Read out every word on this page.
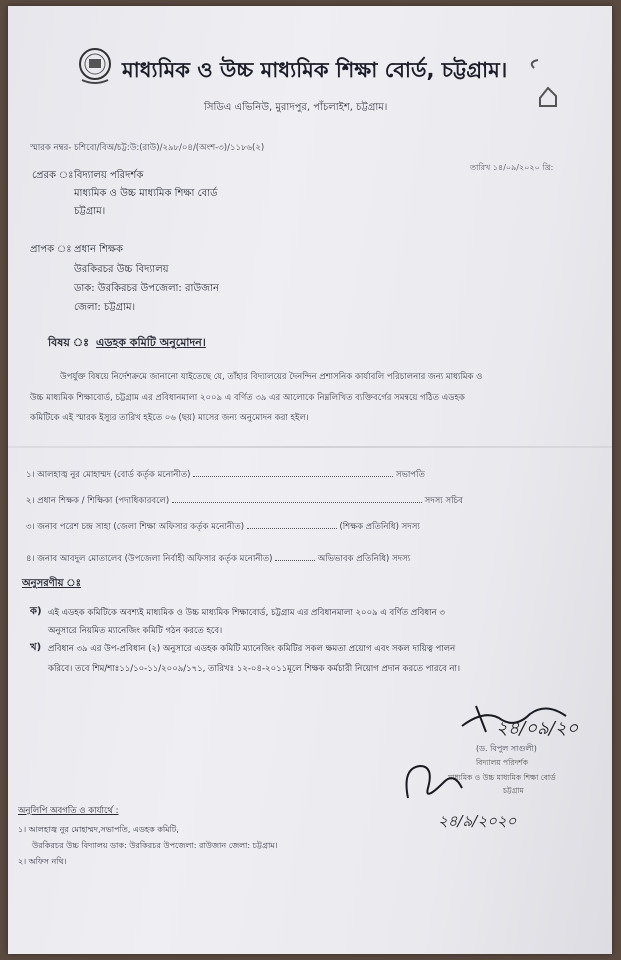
মাধ্যমিক ও উচ্চ মাধ্যমিক শিক্ষা বোর্ড, চট্টগ্রাম।
সিডিএ এভিনিউ, মুরাদপুর, পাঁচলাইশ, চট্টগ্রাম।
স্মারক নম্বর- চশিবো/বিঅ/চট্ট:উ:(রাউ)/২৯৮/০৪/(অংশ-৩)/১১৮৬(২)
তারিখ ১৪/০৯/২০২০ খ্রি:
প্রেরক ঃ বিদ্যালয় পরিদর্শক
মাধ্যমিক ও উচ্চ মাধ্যমিক শিক্ষা বোর্ড
চট্টগ্রাম।
প্রাপক ঃ প্রধান শিক্ষক
উরকিরচর উচ্চ বিদ্যালয়
ডাক: উরকিরচর উপজেলা: রাউজান
জেলা: চট্টগ্রাম।
বিষয় ঃ এডহক কমিটি অনুমোদন।
উপর্যুক্ত বিষয়ে নির্দেশক্রমে জানানো যাইতেছে যে, তাঁহার বিদ্যালয়ের দৈনন্দিন প্রশাসনিক কার্যাবলি পরিচালনার জন্য মাধ্যমিক ও
উচ্চ মাধ্যমিক শিক্ষাবোর্ড, চট্টগ্রাম এর প্রবিধানমালা ২০০৯ এ বর্ণিত ৩৯ এর আলোকে নিম্নলিখিত ব্যক্তিবর্গের সমন্বয়ে গঠিত এডহক
কমিটিকে এই স্মারক ইস্যুর তারিখ হইতে ০৬ (ছয়) মাসের জন্য অনুমোদন করা হইল।
১। আলহাজ্ব নুর মোহাম্মদ (বোর্ড কর্তৃক মনোনীত)	সভাপতি
২। প্রধান শিক্ষক / শিক্ষিকা (পদাধিকারবলে)	সদস্য সচিব
৩। জনাব পরেশ চন্দ্র সাহা (জেলা শিক্ষা অফিসার কর্তৃক মনোনীত)	(শিক্ষক প্রতিনিধি) সদস্য
৪। জনাব আবদুল মোতালেব (উপজেলা নির্বাহী অফিসার কর্তৃক মনোনীত)	অভিভাবক প্রতিনিধি) সদস্য
অনুসরণীয় ঃ
ক) এই এডহক কমিটিকে অবশ্যই মাধ্যমিক ও উচ্চ মাধ্যমিক শিক্ষাবোর্ড, চট্টগ্রাম এর প্রবিধানমালা ২০০৯ এ বর্ণিত প্রবিধান ৩
অনুসারে নিয়মিত ম্যানেজিং কমিটি গঠন করতে হবে।
খ) প্রবিধান ৩৯ এর উপ-প্রবিধান (২) অনুসারে এডহক কমিটি ম্যানেজিং কমিটির সকল ক্ষমতা প্রয়োগ এবং সকল দায়িত্ব পালন
করিবে। তবে শিম/শাঃ১১/১০-১১/২০০৯/১৭১, তারিখঃ ১২-০৪-২০১১মূলে শিক্ষক কর্মচারী নিয়োগ প্রদান করতে পারবে না।
২৪/০৯/২০
(ড. বিপুল সাগুলী)
বিদ্যালয় পরিদর্শক
মাধ্যমিক ও উচ্চ মাধ্যমিক শিক্ষা বোর্ড
চট্টগ্রাম
২৪/৯/২০২০
অনুলিপি অবগতি ও কার্যার্থে :
১। আলহাজ্ব নুর মোহাম্মদ,সভাপতি, এডহক কমিটি,
উরকিরচর উচ্চ বিদ্যালয় ডাক: উরকিরচর উপজেলা: রাউজান জেলা: চট্টগ্রাম।
২। অফিস নথি।
